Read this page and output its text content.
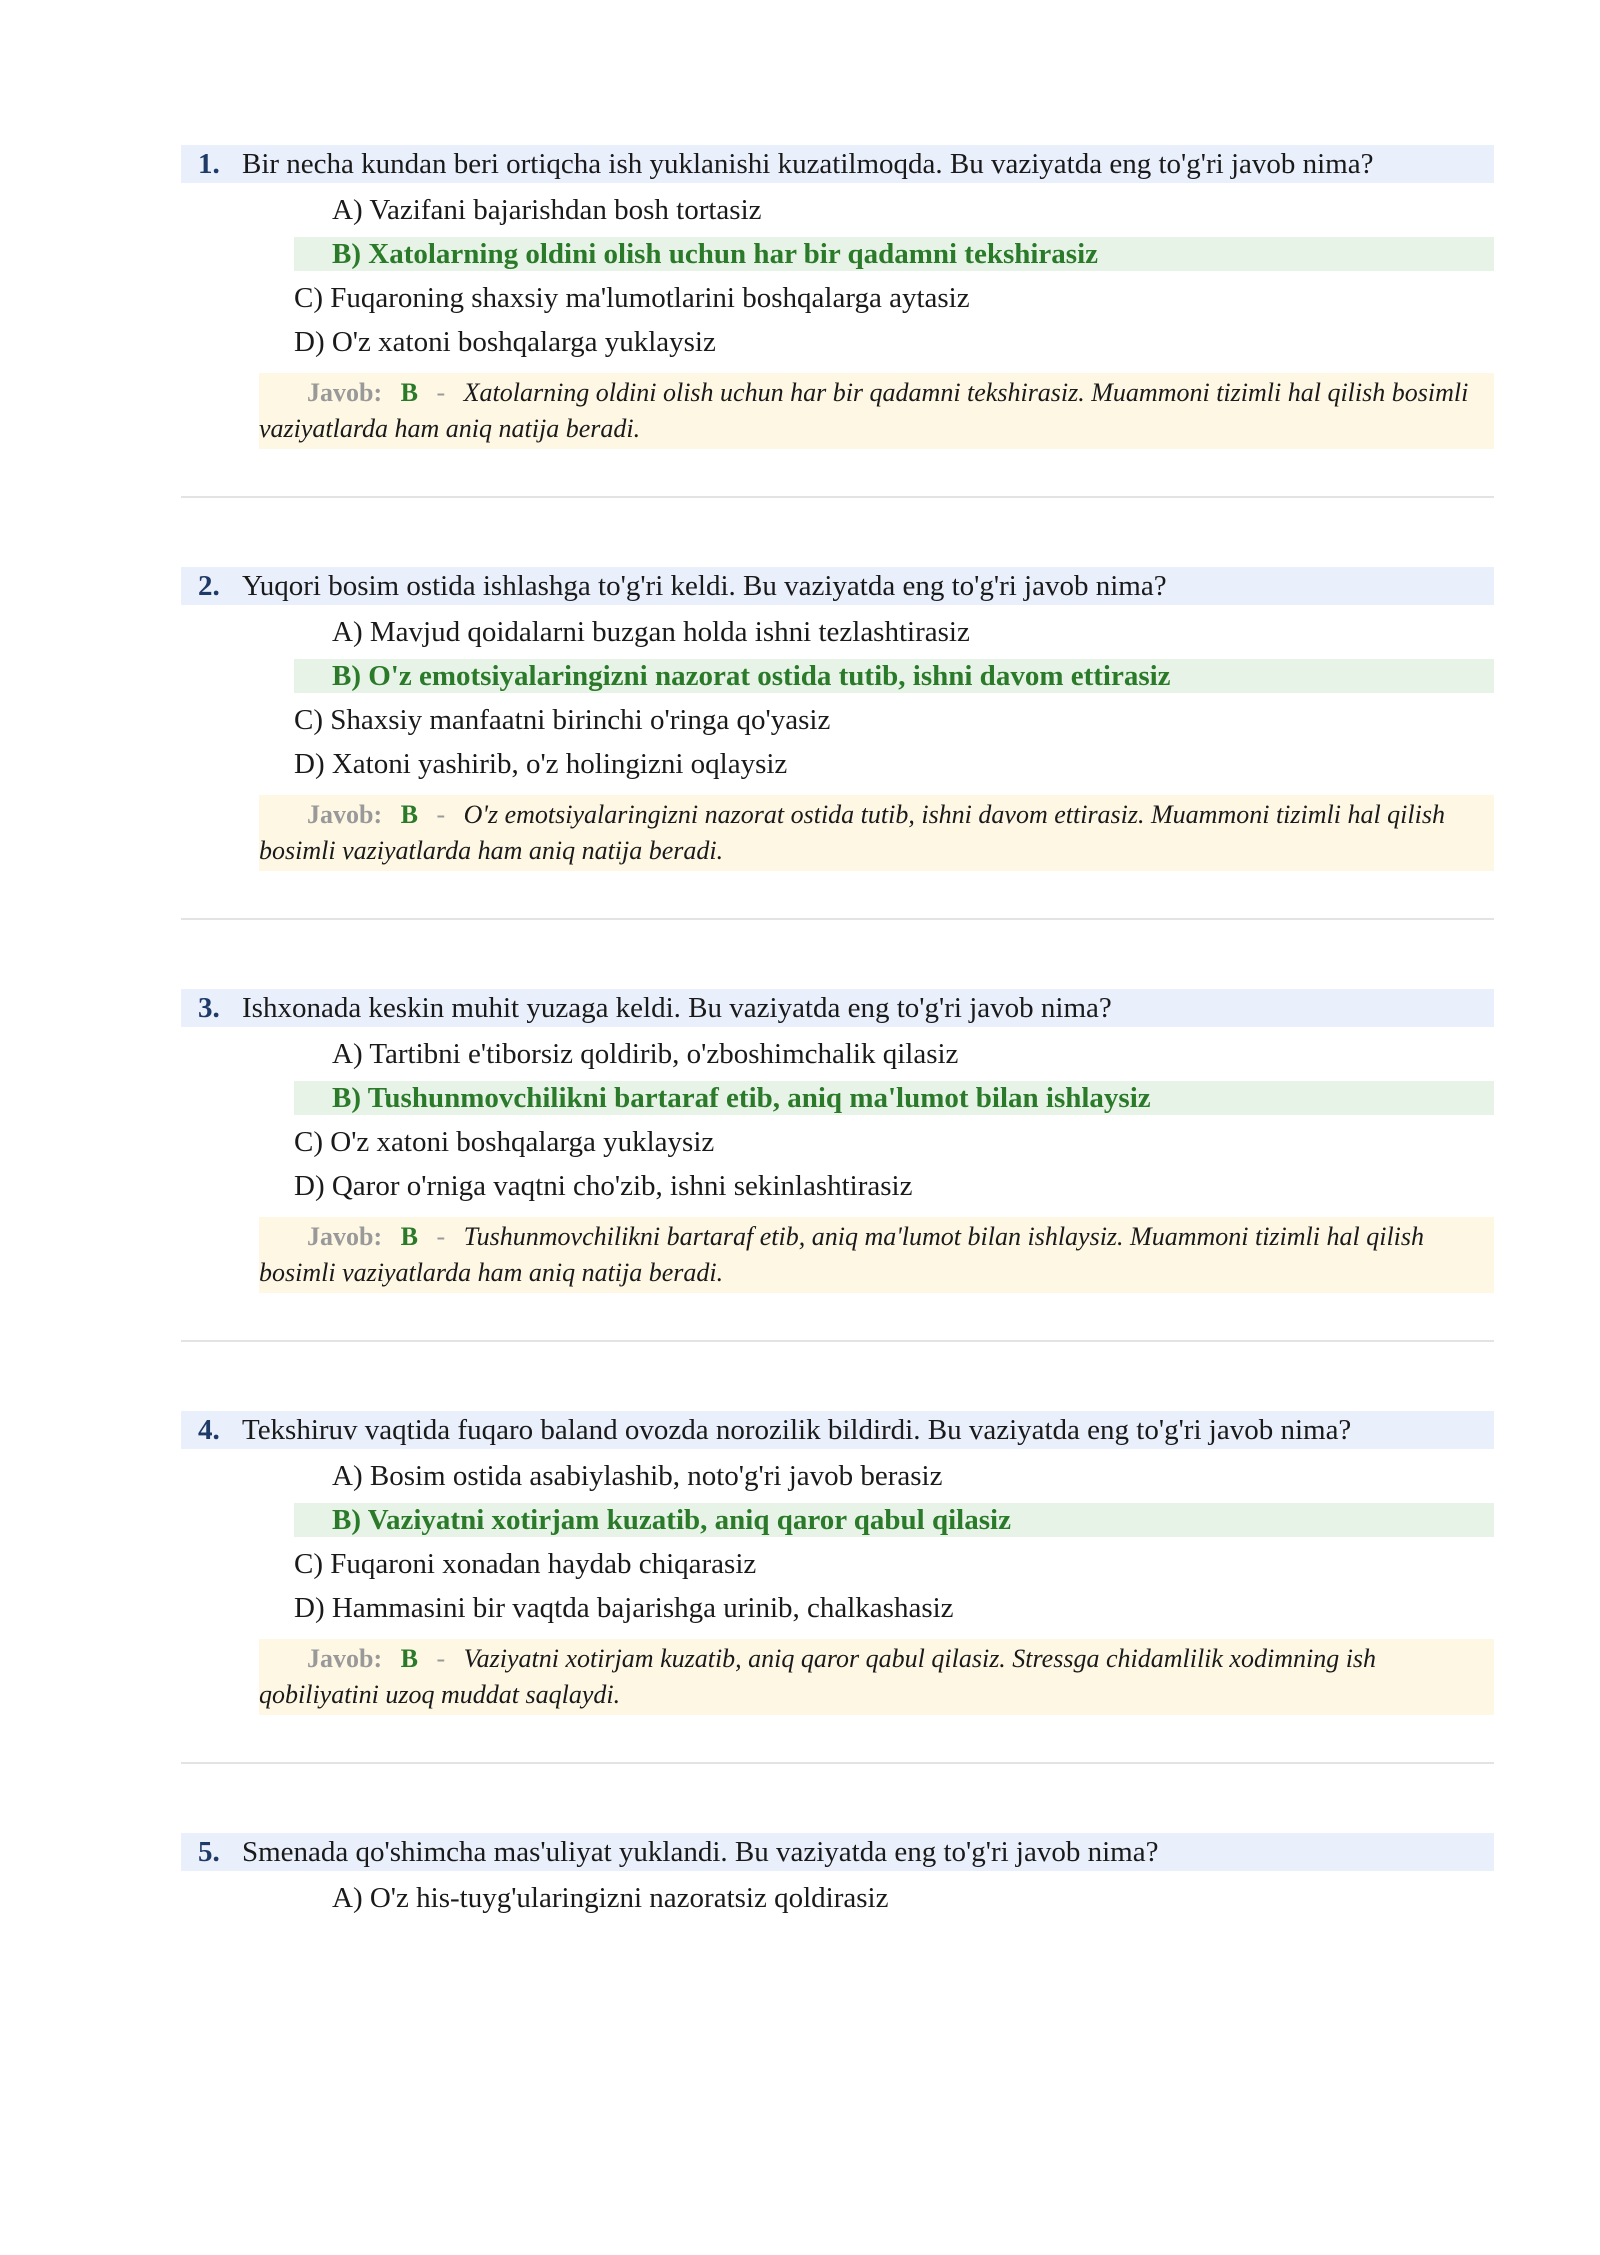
1. Bir necha kundan beri ortiqcha ish yuklanishi kuzatilmoqda. Bu vaziyatda eng to'g'ri javob nima?
A) Vazifani bajarishdan bosh tortasiz
B) Xatolarning oldini olish uchun har bir qadamni tekshirasiz
C) Fuqaroning shaxsiy ma'lumotlarini boshqalarga aytasiz
D) O'z xatoni boshqalarga yuklaysiz
Javob: B - Xatolarning oldini olish uchun har bir qadamni tekshirasiz. Muammoni tizimli hal qilish bosimli vaziyatlarda ham aniq natija beradi.
2. Yuqori bosim ostida ishlashga to'g'ri keldi. Bu vaziyatda eng to'g'ri javob nima?
A) Mavjud qoidalarni buzgan holda ishni tezlashtirasiz
B) O'z emotsiyalaringizni nazorat ostida tutib, ishni davom ettirasiz
C) Shaxsiy manfaatni birinchi o'ringa qo'yasiz
D) Xatoni yashirib, o'z holingizni oqlaysiz
Javob: B - O'z emotsiyalaringizni nazorat ostida tutib, ishni davom ettirasiz. Muammoni tizimli hal qilish bosimli vaziyatlarda ham aniq natija beradi.
3. Ishxonada keskin muhit yuzaga keldi. Bu vaziyatda eng to'g'ri javob nima?
A) Tartibni e'tiborsiz qoldirib, o'zboshimchalik qilasiz
B) Tushunmovchilikni bartaraf etib, aniq ma'lumot bilan ishlaysiz
C) O'z xatoni boshqalarga yuklaysiz
D) Qaror o'rniga vaqtni cho'zib, ishni sekinlashtirasiz
Javob: B - Tushunmovchilikni bartaraf etib, aniq ma'lumot bilan ishlaysiz. Muammoni tizimli hal qilish bosimli vaziyatlarda ham aniq natija beradi.
4. Tekshiruv vaqtida fuqaro baland ovozda norozilik bildirdi. Bu vaziyatda eng to'g'ri javob nima?
A) Bosim ostida asabiylashib, noto'g'ri javob berasiz
B) Vaziyatni xotirjam kuzatib, aniq qaror qabul qilasiz
C) Fuqaroni xonadan haydab chiqarasiz
D) Hammasini bir vaqtda bajarishga urinib, chalkashasiz
Javob: B - Vaziyatni xotirjam kuzatib, aniq qaror qabul qilasiz. Stressga chidamlilik xodimning ish qobiliyatini uzoq muddat saqlaydi.
5. Smenada qo'shimcha mas'uliyat yuklandi. Bu vaziyatda eng to'g'ri javob nima?
A) O'z his-tuyg'ularingizni nazoratsiz qoldirasiz
